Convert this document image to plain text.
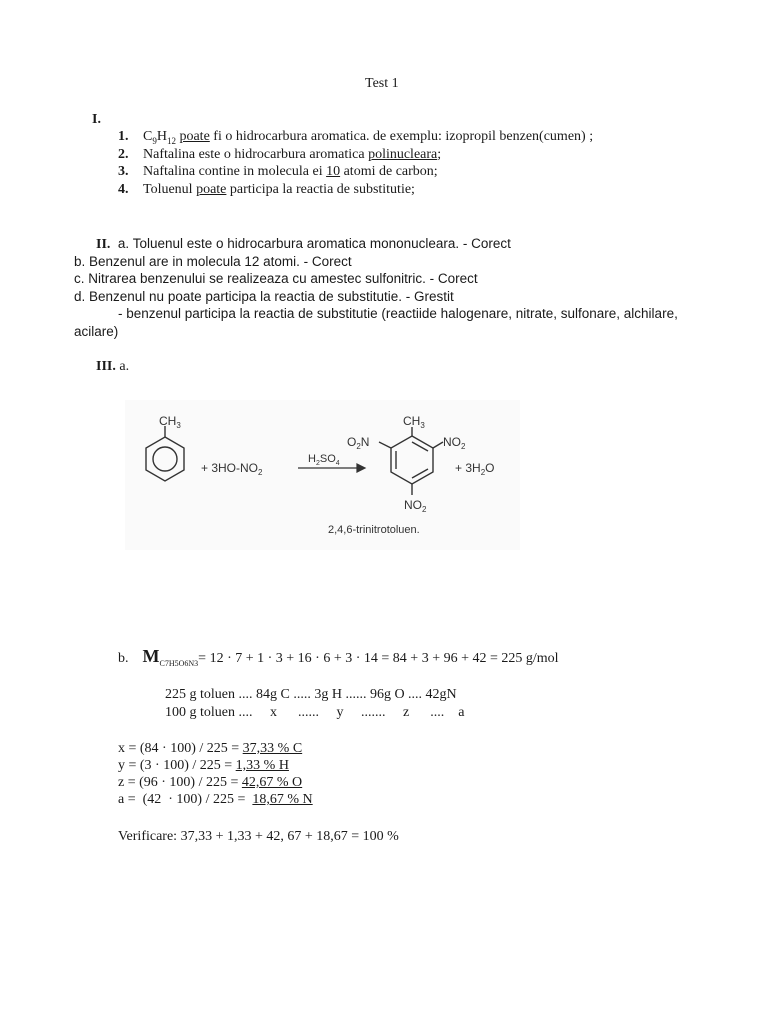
Test 1
I.
1. $C_9H_{12}$ poate fi o hidrocarbura aromatica. de exemplu: izopropil benzen(cumen) ;
2. Naftalina este o hidrocarbura aromatica polinucleara;
3. Naftalina contine in molecula ei 10 atomi de carbon;
4. Toluenul poate participa la reactia de substitutie;
II. a. Toluenul este o hidrocarbura aromatica mononucleara. - Corect
b. Benzenul are in molecula 12 atomi. - Corect
c. Nitrarea benzenului se realizeaza cu amestec sulfonitric. - Corect
d. Benzenul nu poate participa la reactia de substitutie. - Grestit
- benzenul participa la reactia de substitutie (reactiide halogenare, nitrate, sulfonare, alchilare,
acilare)
III. a.
$CH_3$
+ $3HO-NO_2$
$H_2SO_4$
$CH_3$
$O_2N$	$NO_2$
$NO_2$
+ $3H_2O$
2,4,6-trinitrotoluen.
b. $M_{C7H5O6N3}= 12 \cdot 7 + 1 \cdot 3 + 16 \cdot 6 + 3 \cdot 14 = 84 + 3 + 96 + 42 = 225$ g/mol
225 g toluen .... 84g C ..... 3g H ...... 96g O .... 42gN
100 g toluen ....     x      ......     y     .......     z      ....    a
x = (84 · 100) / 225 = 37,33 % C
y = (3 · 100) / 225 = 1,33 % H
z = (96 · 100) / 225 = 42,67 % O
a =  (42  · 100) / 225 =  18,67 % N
Verificare: 37,33 + 1,33 + 42, 67 + 18,67 = 100 %
